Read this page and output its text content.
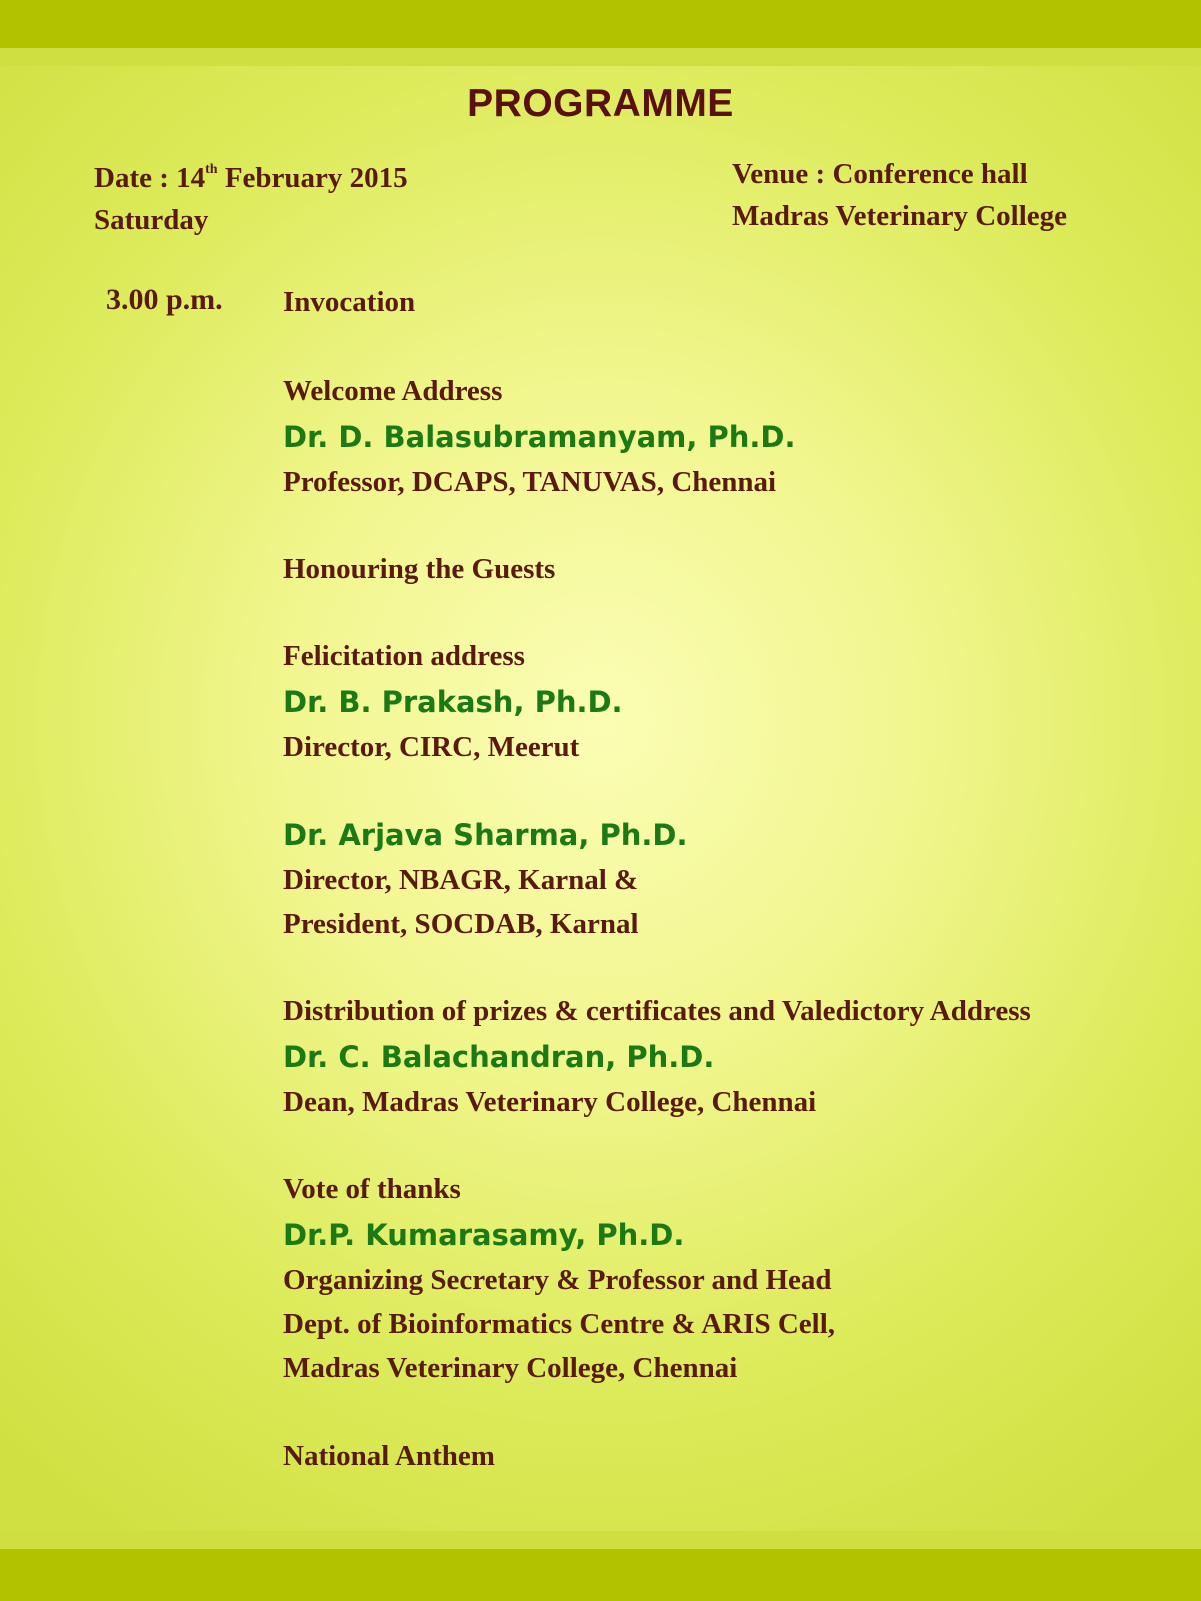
PROGRAMME
Date : 14th February 2015
Saturday
Venue : Conference hall
Madras Veterinary College
3.00 p.m. Invocation
Welcome Address
Dr. D. Balasubramanyam, Ph.D.
Professor, DCAPS, TANUVAS, Chennai
Honouring the Guests
Felicitation address
Dr. B. Prakash, Ph.D.
Director, CIRC, Meerut
Dr. Arjava Sharma, Ph.D.
Director, NBAGR, Karnal &
President, SOCDAB, Karnal
Distribution of prizes & certificates and Valedictory Address
Dr. C. Balachandran, Ph.D.
Dean, Madras Veterinary College, Chennai
Vote of thanks
Dr.P. Kumarasamy, Ph.D.
Organizing Secretary & Professor and Head
Dept. of Bioinformatics Centre & ARIS Cell,
Madras Veterinary College, Chennai
National Anthem
